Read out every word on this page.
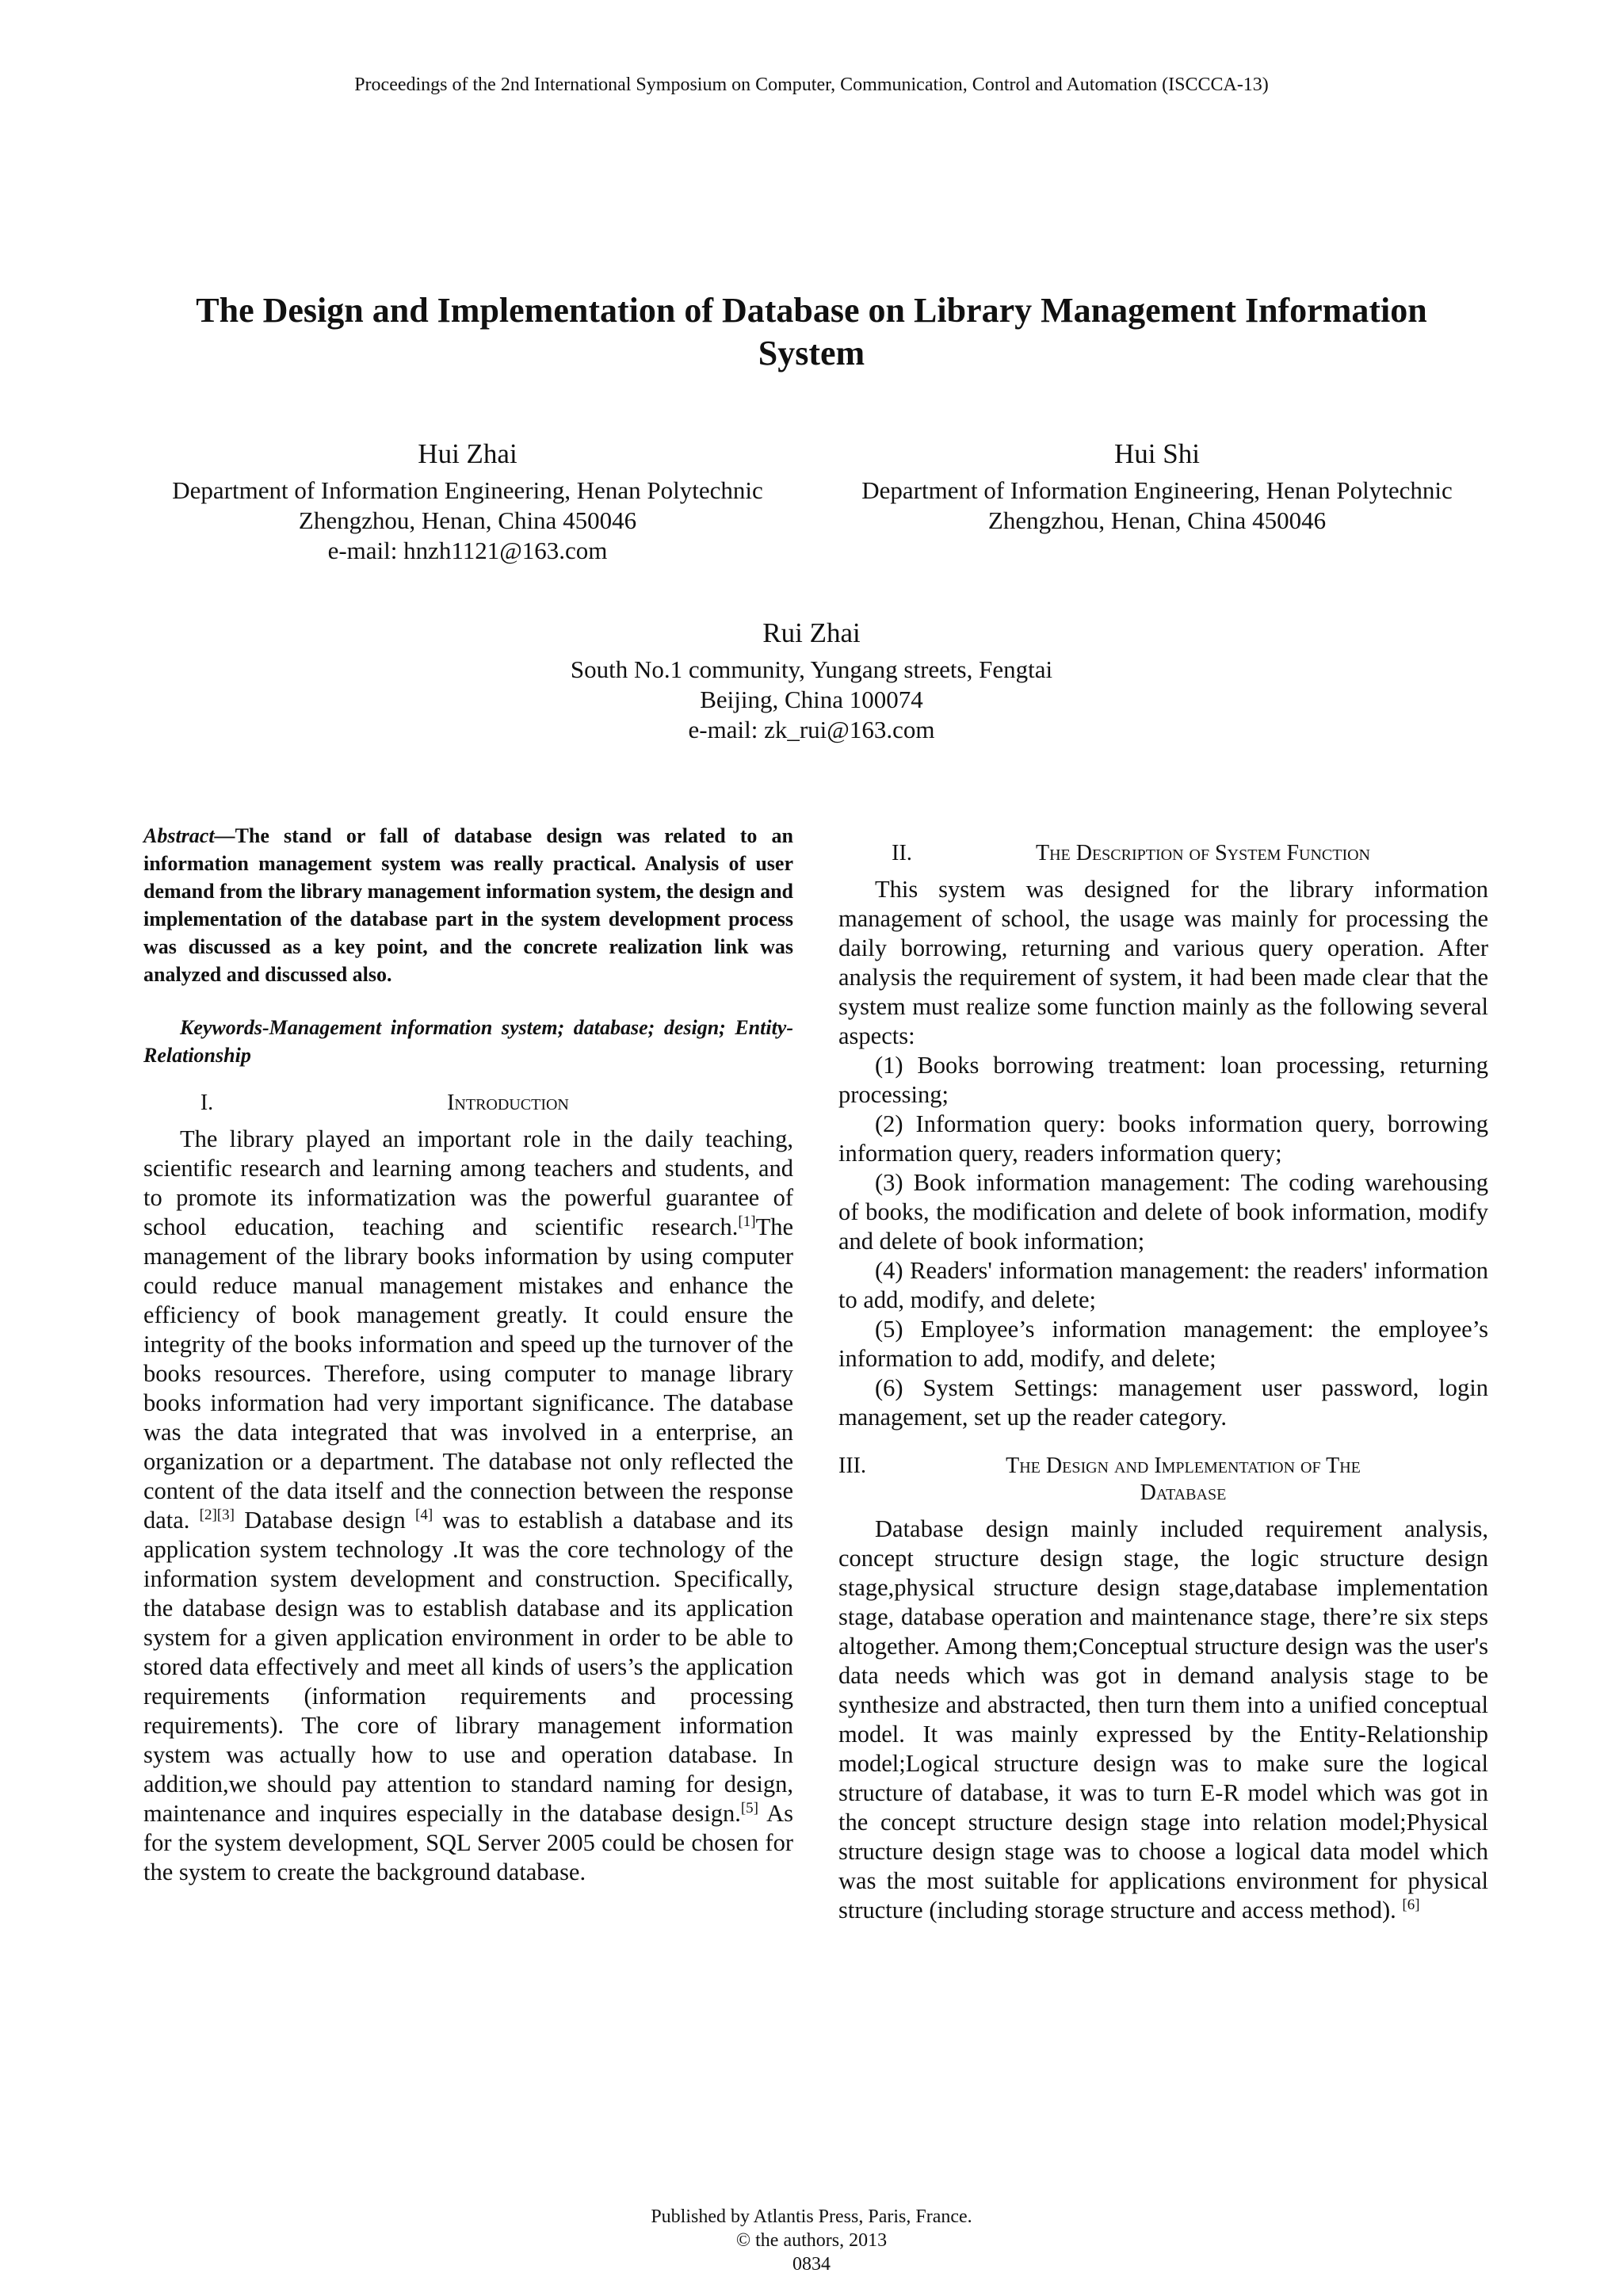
Proceedings of the 2nd International Symposium on Computer, Communication, Control and Automation (ISCCCA-13)
The Design and Implementation of Database on Library Management Information
System
Hui Zhai
Department of Information Engineering, Henan Polytechnic
Zhengzhou, Henan, China 450046
e-mail: hnzh1121@163.com
Hui Shi
Department of Information Engineering, Henan Polytechnic
Zhengzhou, Henan, China 450046
Rui Zhai
South No.1 community, Yungang streets, Fengtai
Beijing, China 100074
e-mail: zk_rui@163.com
Abstract—The stand or fall of database design was related to an information management system was really practical. Analysis of user demand from the library management information system, the design and implementation of the database part in the system development process was discussed as a key point, and the concrete realization link was analyzed and discussed also.
Keywords-Management information system; database; design; Entity-Relationship
I.	Introduction

The library played an important role in the daily teaching, scientific research and learning among teachers and students, and to promote its informatization was the powerful guarantee of school education, teaching and scientific research.[1]The management of the library books information by using computer could reduce manual management mistakes and enhance the efficiency of book management greatly. It could ensure the integrity of the books information and speed up the turnover of the books resources. Therefore, using computer to manage library books information had very important significance. The database was the data integrated that was involved in a enterprise, an organization or a department. The database not only reflected the content of the data itself and the connection between the response data. [2][3] Database design [4] was to establish a database and its application system technology .It was the core technology of the information system development and construction. Specifically, the database design was to establish database and its application system for a given application environment in order to be able to stored data effectively and meet all kinds of users’s the application requirements (information requirements and processing requirements). The core of library management information system was actually how to use and operation database. In addition,we should pay attention to standard naming for design, maintenance and inquires especially in the database design.[5] As for the system development, SQL Server 2005 could be chosen for the system to create the background database.

II.	The Description of System Function

This system was designed for the library information management of school, the usage was mainly for processing the daily borrowing, returning and various query operation. After analysis the requirement of system, it had been made clear that the system must realize some function mainly as the following several aspects:

(1) Books borrowing treatment: loan processing, returning processing;
(2) Information query: books information query, borrowing information query, readers information query;
(3) Book information management: The coding warehousing of books, the modification and delete of book information, modify and delete of book information;
(4) Readers' information management: the readers' information to add, modify, and delete;
(5) Employee’s information management: the employee’s information to add, modify, and delete;
(6) System Settings: management user password, login management, set up the reader category.
III.	The Design and Implementation of The
Database

Database design mainly included requirement analysis, concept structure design stage, the logic structure design stage,physical structure design stage,database implementation stage, database operation and maintenance stage, there’re six steps altogether. Among them;Conceptual structure design was the user's data needs which was got in demand analysis stage to be synthesize and abstracted, then turn them into a unified conceptual model. It was mainly expressed by the Entity-Relationship model;Logical structure design was to make sure the logical structure of database, it was to turn E-R model which was got in the concept structure design stage into relation model;Physical structure design stage was to choose a logical data model which was the most suitable for applications environment for physical structure (including storage structure and access method). [6]

Published by Atlantis Press, Paris, France.
© the authors, 2013
0834
